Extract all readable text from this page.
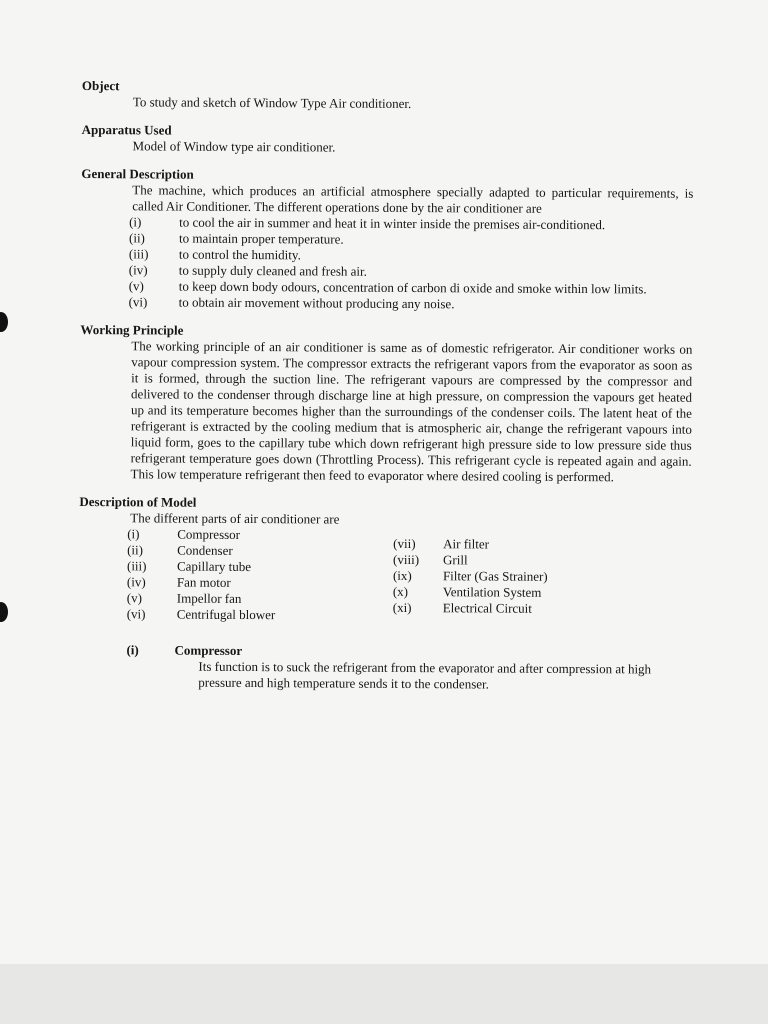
Object
To study and sketch of Window Type Air conditioner.
Apparatus Used
Model of Window type air conditioner.
General Description
The machine, which produces an artificial atmosphere specially adapted to particular requirements, is called Air Conditioner. The different operations done by the air conditioner are
(i)	to cool the air in summer and heat it in winter inside the premises air-conditioned.
(ii)	to maintain proper temperature.
(iii)	to control the humidity.
(iv)	to supply duly cleaned and fresh air.
(v)	to keep down body odours, concentration of carbon di oxide and smoke within low limits.
(vi)	to obtain air movement without producing any noise.
Working Principle
The working principle of an air conditioner is same as of domestic refrigerator. Air conditioner works on vapour compression system. The compressor extracts the refrigerant vapors from the evaporator as soon as it is formed, through the suction line. The refrigerant vapours are compressed by the compressor and delivered to the condenser through discharge line at high pressure, on compression the vapours get heated up and its temperature becomes higher than the surroundings of the condenser coils. The latent heat of the refrigerant is extracted by the cooling medium that is atmospheric air, change the refrigerant vapours into liquid form, goes to the capillary tube which down refrigerant high pressure side to low pressure side thus refrigerant temperature goes down (Throttling Process). This refrigerant cycle is repeated again and again. This low temperature refrigerant then feed to evaporator where desired cooling is performed.
Description of Model
The different parts of air conditioner are
(i)	Compressor
(ii)	Condenser
(iii)	Capillary tube
(iv)	Fan motor
(v)	Impellor fan
(vi)	Centrifugal blower
(vii)	Air filter
(viii)	Grill
(ix)	Filter (Gas Strainer)
(x)	Ventilation System
(xi)	Electrical Circuit
(i)	Compressor
Its function is to suck the refrigerant from the evaporator and after compression at high pressure and high temperature sends it to the condenser.
